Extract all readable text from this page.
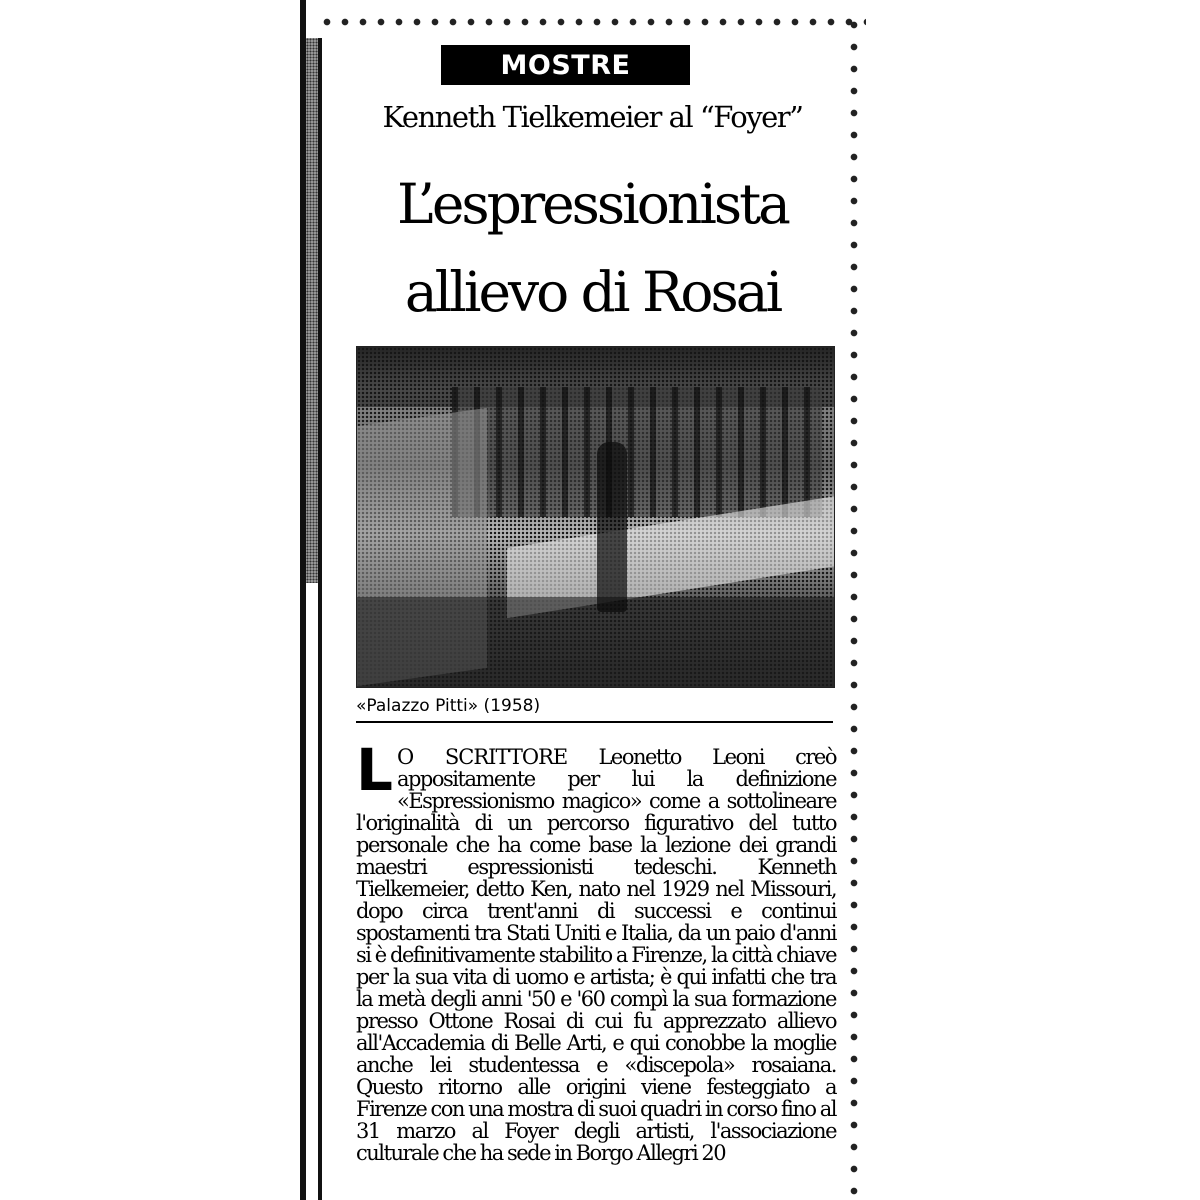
MOSTRE
Kenneth Tielkemeier al “Foyer”
L’espressionista
allievo di Rosai
«Palazzo Pitti» (1958)
L O SCRITTORE Leonetto Leoni creò appositamente per lui la definizione «Espressionismo magico» come a sottolineare l'originalità di un percorso figurativo del tutto personale che ha come base la lezione dei grandi maestri espressionisti tedeschi. Kenneth Tielkemeier, detto Ken, nato nel 1929 nel Missouri, dopo circa trent'anni di successi e continui spostamenti tra Stati Uniti e Italia, da un paio d'anni si è definitivamente stabilito a Firenze, la città chiave per la sua vita di uomo e artista; è qui infatti che tra la metà degli anni '50 e '60 compì la sua formazione presso Ottone Rosai di cui fu apprezzato allievo all'Accademia di Belle Arti, e qui conobbe la moglie anche lei studentessa e «discepola» rosaiana. Questo ritorno alle origini viene festeggiato a Firenze con una mostra di suoi quadri in corso fino al 31 marzo al Foyer degli artisti, l'associazione culturale che ha sede in Borgo Allegri 20
